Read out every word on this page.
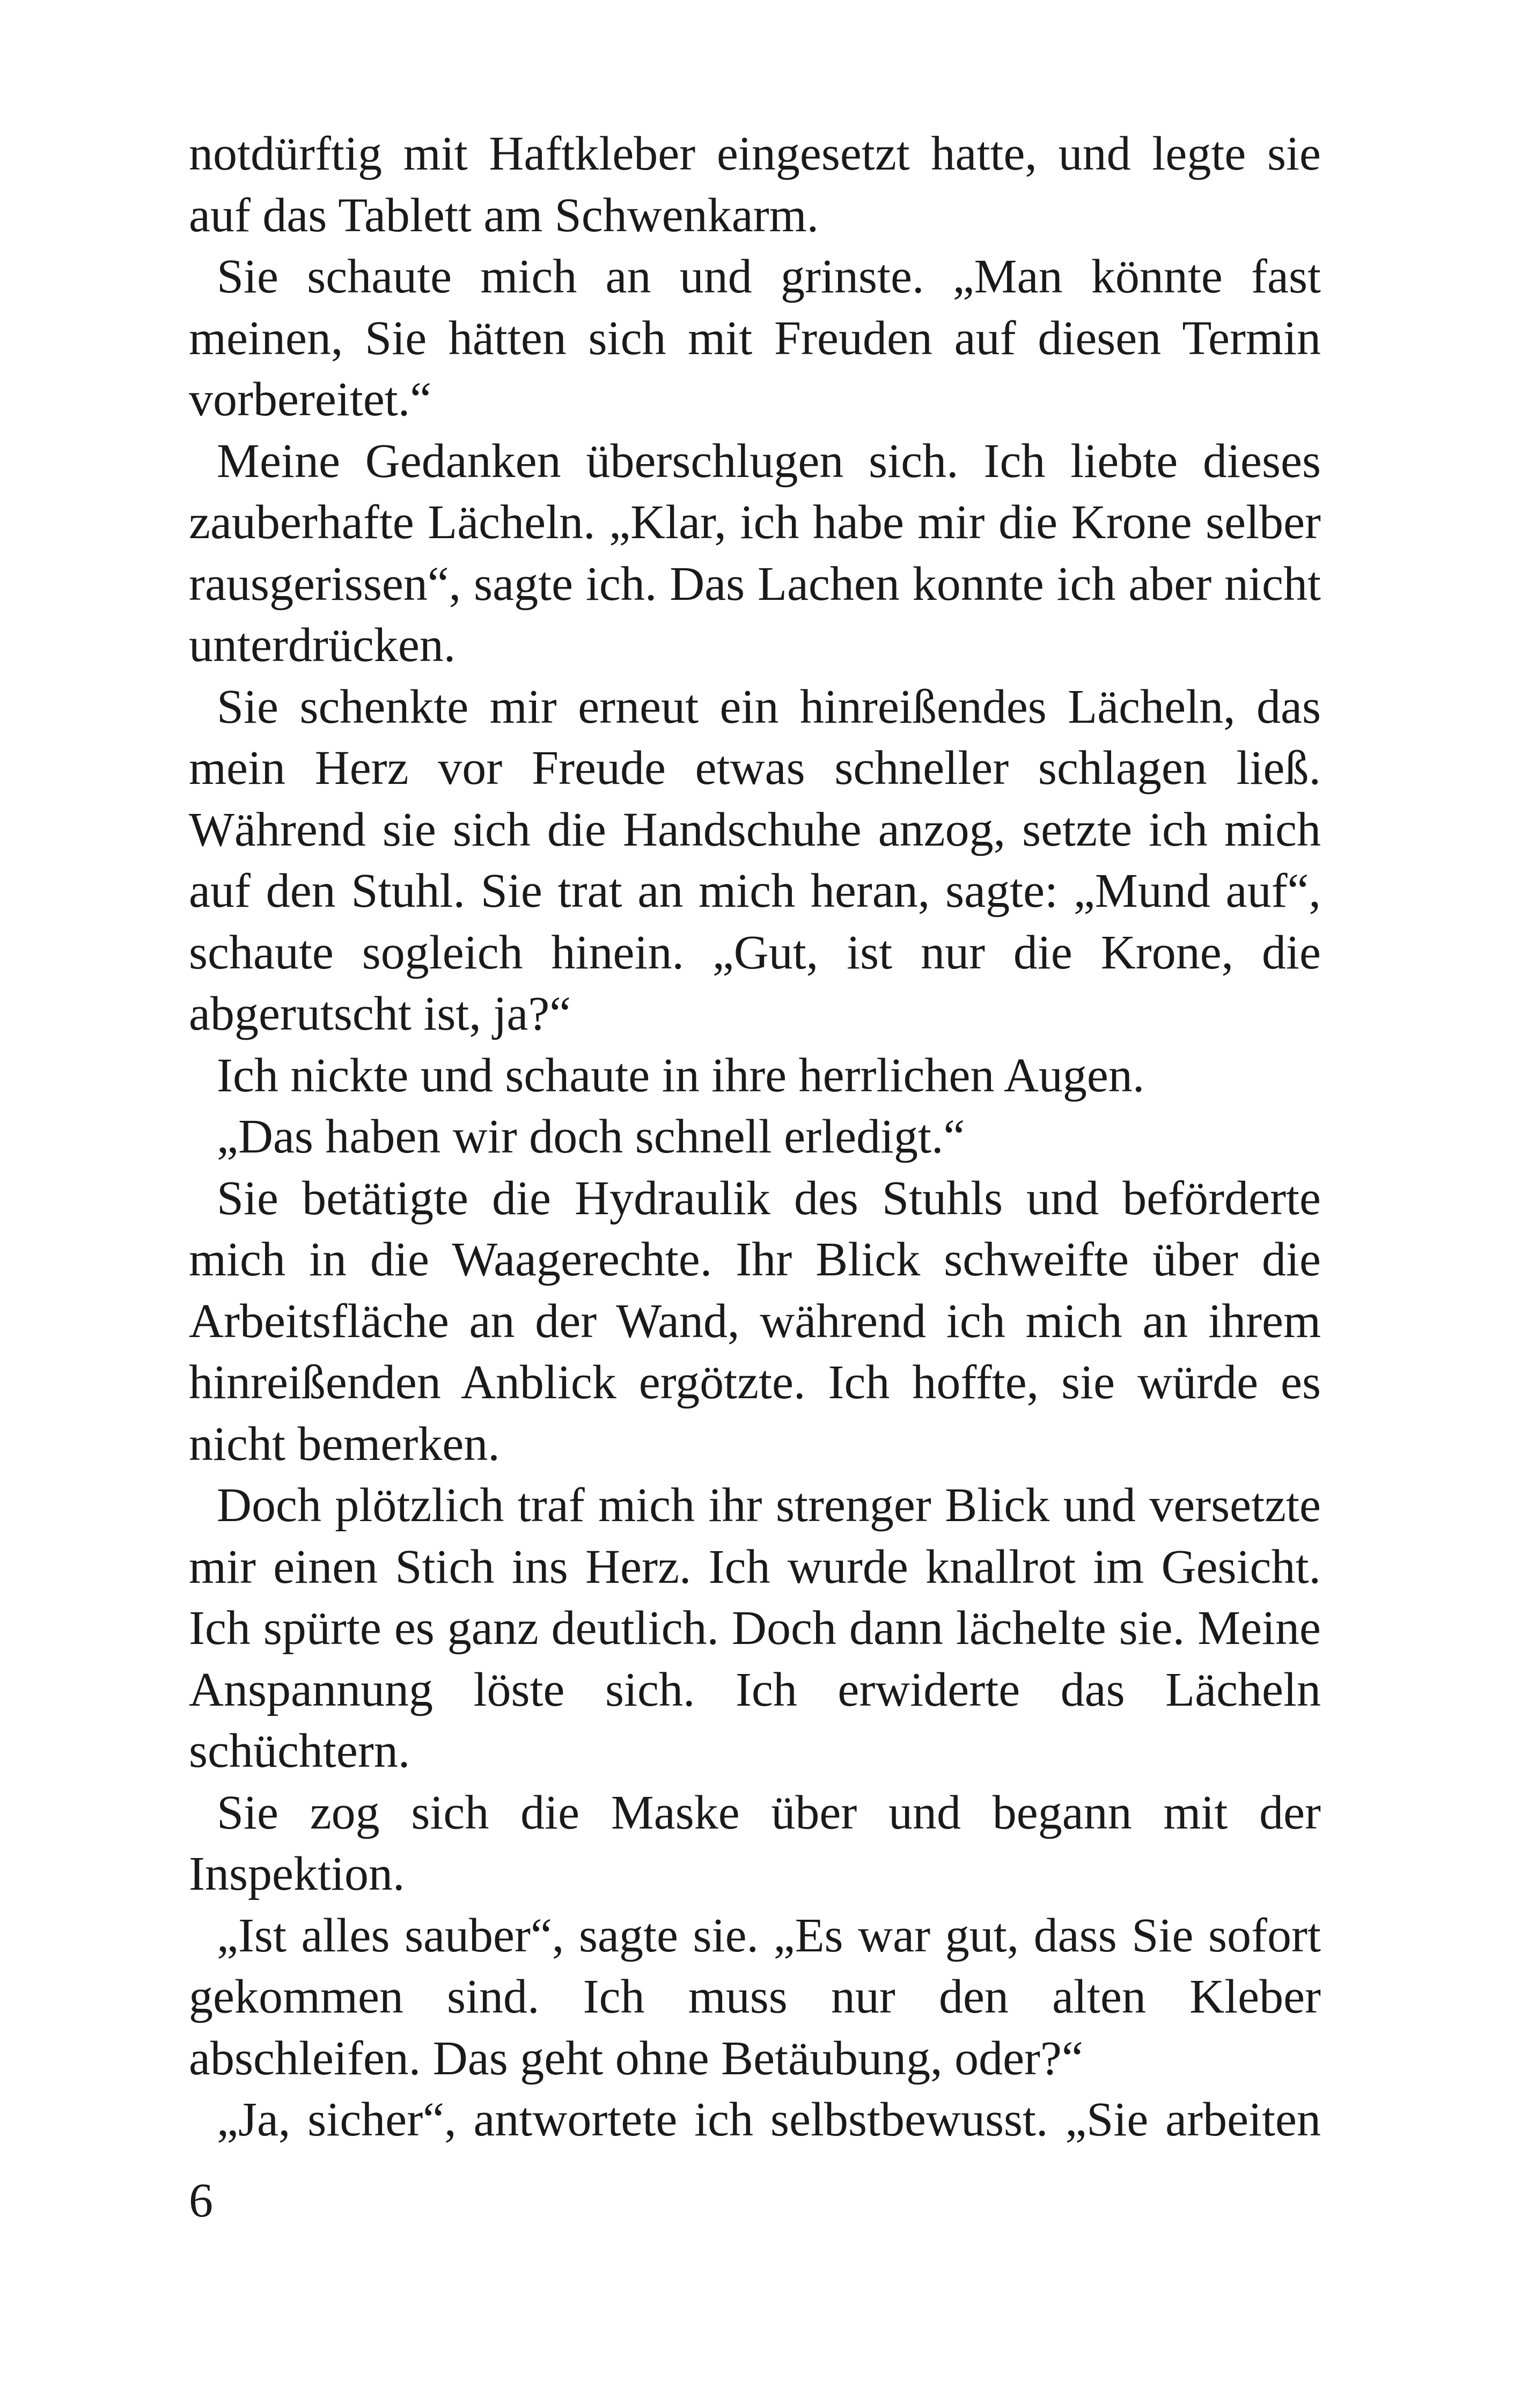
notdürftig mit Haftkleber eingesetzt hatte, und legte sie auf das Tablett am Schwenkarm.

Sie schaute mich an und grinste. „Man könnte fast meinen, Sie hätten sich mit Freuden auf diesen Termin vorbereitet.“

Meine Gedanken überschlugen sich. Ich liebte dieses zauberhafte Lächeln. „Klar, ich habe mir die Krone selber rausgerissen“, sagte ich. Das Lachen konnte ich aber nicht unterdrücken.

Sie schenkte mir erneut ein hinreißendes Lächeln, das mein Herz vor Freude etwas schneller schlagen ließ. Während sie sich die Handschuhe anzog, setzte ich mich auf den Stuhl. Sie trat an mich heran, sagte: „Mund auf“, schaute sogleich hinein. „Gut, ist nur die Krone, die abgerutscht ist, ja?“

Ich nickte und schaute in ihre herrlichen Augen.

„Das haben wir doch schnell erledigt.“

Sie betätigte die Hydraulik des Stuhls und beförderte mich in die Waagerechte. Ihr Blick schweifte über die Arbeitsfläche an der Wand, während ich mich an ihrem hinreißenden Anblick ergötzte. Ich hoffte, sie würde es nicht bemerken.

Doch plötzlich traf mich ihr strenger Blick und versetzte mir einen Stich ins Herz. Ich wurde knallrot im Gesicht. Ich spürte es ganz deutlich. Doch dann lächelte sie. Meine Anspannung löste sich. Ich erwiderte das Lächeln schüchtern.

Sie zog sich die Maske über und begann mit der Inspektion.

„Ist alles sauber“, sagte sie. „Es war gut, dass Sie sofort gekommen sind. Ich muss nur den alten Kleber abschleifen. Das geht ohne Betäubung, oder?“

„Ja, sicher“, antwortete ich selbstbewusst. „Sie arbeiten

6
